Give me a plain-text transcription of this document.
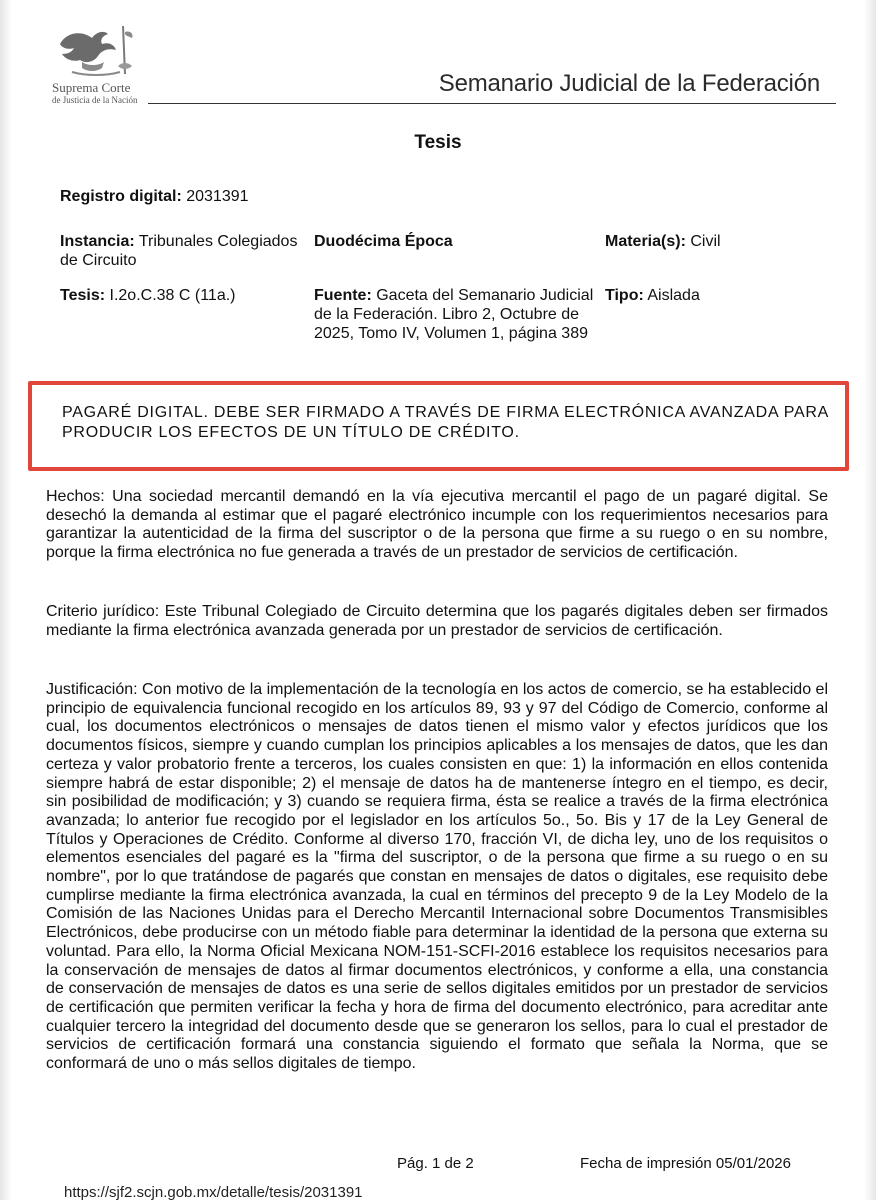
Suprema Corte
de Justicia de la Nación
Semanario Judicial de la Federación
Tesis
Registro digital: 2031391
Instancia: Tribunales Colegiados de Circuito
Duodécima Época	Materia(s): Civil
Tesis: I.2o.C.38 C (11a.)	Fuente: Gaceta del Semanario Judicial de la Federación. Libro 2, Octubre de 2025, Tomo IV, Volumen 1, página 389
Tipo: Aislada
PAGARÉ DIGITAL. DEBE SER FIRMADO A TRAVÉS DE FIRMA ELECTRÓNICA AVANZADA PARA PRODUCIR LOS EFECTOS DE UN TÍTULO DE CRÉDITO.
Hechos: Una sociedad mercantil demandó en la vía ejecutiva mercantil el pago de un pagaré digital. Se desechó la demanda al estimar que el pagaré electrónico incumple con los requerimientos necesarios para garantizar la autenticidad de la firma del suscriptor o de la persona que firme a su ruego o en su nombre, porque la firma electrónica no fue generada a través de un prestador de servicios de certificación.
Criterio jurídico: Este Tribunal Colegiado de Circuito determina que los pagarés digitales deben ser firmados mediante la firma electrónica avanzada generada por un prestador de servicios de certificación.
Justificación: Con motivo de la implementación de la tecnología en los actos de comercio, se ha establecido el principio de equivalencia funcional recogido en los artículos 89, 93 y 97 del Código de Comercio, conforme al cual, los documentos electrónicos o mensajes de datos tienen el mismo valor y efectos jurídicos que los documentos físicos, siempre y cuando cumplan los principios aplicables a los mensajes de datos, que les dan certeza y valor probatorio frente a terceros, los cuales consisten en que: 1) la información en ellos contenida siempre habrá de estar disponible; 2) el mensaje de datos ha de mantenerse íntegro en el tiempo, es decir, sin posibilidad de modificación; y 3) cuando se requiera firma, ésta se realice a través de la firma electrónica avanzada; lo anterior fue recogido por el legislador en los artículos 5o., 5o. Bis y 17 de la Ley General de Títulos y Operaciones de Crédito. Conforme al diverso 170, fracción VI, de dicha ley, uno de los requisitos o elementos esenciales del pagaré es la "firma del suscriptor, o de la persona que firme a su ruego o en su nombre", por lo que tratándose de pagarés que constan en mensajes de datos o digitales, ese requisito debe cumplirse mediante la firma electrónica avanzada, la cual en términos del precepto 9 de la Ley Modelo de la Comisión de las Naciones Unidas para el Derecho Mercantil Internacional sobre Documentos Transmisibles Electrónicos, debe producirse con un método fiable para determinar la identidad de la persona que externa su voluntad. Para ello, la Norma Oficial Mexicana NOM-151-SCFI-2016 establece los requisitos necesarios para la conservación de mensajes de datos al firmar documentos electrónicos, y conforme a ella, una constancia de conservación de mensajes de datos es una serie de sellos digitales emitidos por un prestador de servicios de certificación que permiten verificar la fecha y hora de firma del documento electrónico, para acreditar ante cualquier tercero la integridad del documento desde que se generaron los sellos, para lo cual el prestador de servicios de certificación formará una constancia siguiendo el formato que señala la Norma, que se conformará de uno o más sellos digitales de tiempo.
Pág. 1 de 2	Fecha de impresión 05/01/2026
https://sjf2.scjn.gob.mx/detalle/tesis/2031391
